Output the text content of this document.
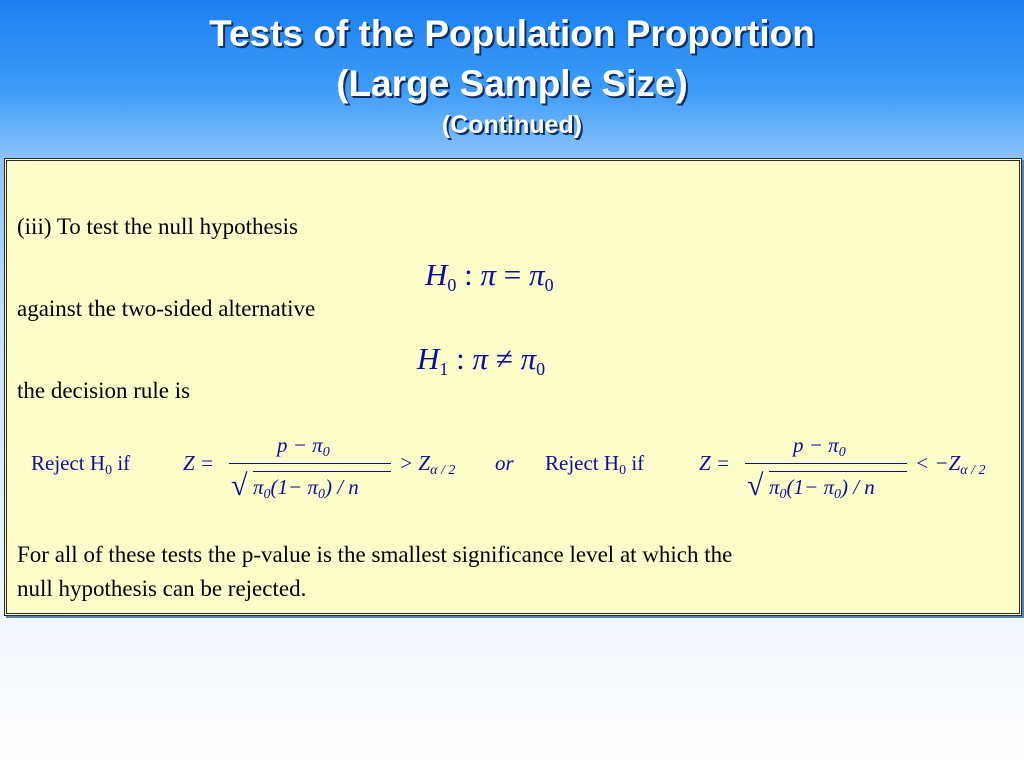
Tests of the Population Proportion
(Large Sample Size)
(Continued)

(iii) To test the null hypothesis

$H_0$ : $\pi = \pi_0$

against the two-sided alternative

$H_1$ : $\pi \ne \pi_0$

the decision rule is

Reject $H_0$ if	Z =
$p - \pi_0$
√ $\pi_0(1- \pi_0) / n$
> $Z_{\alpha / 2}$ or Reject $H_0$ if	Z =
$p - \pi_0$
√ $\pi_0(1- \pi_0) / n$
< $-Z_{\alpha / 2}$

For all of these tests the p-value is the smallest significance level at which the

null hypothesis can be rejected.
